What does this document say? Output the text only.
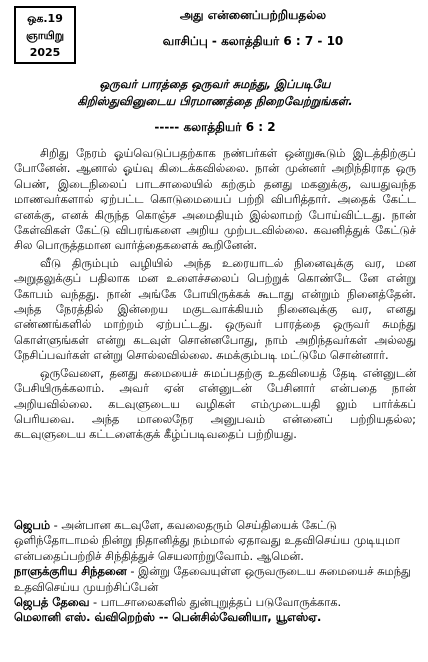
ஒக.19
ஞாயிறு
2025
அது என்னைப்பற்றியதல்ல
வாசிப்பு - கலாத்தியர் 6 : 7 - 10
ஒருவர் பாரத்தை ஒருவர் சுமந்து, இப்படியே
கிறிஸ்துவினுடைய பிரமாணத்தை நிறைவேற்றுங்கள்.
----- கலாத்தியர் 6 : 2

சிறிது நேரம் ஓய்வெடுப்பதற்காக நண்பர்கள் ஒன்றுகூடும் இடத்திற்குப் போனேன். ஆனால் ஓய்வு கிடைக்கவில்லை. நான் முன்னர் அறிந்திராத ஒரு பெண், இடைநிலைப் பாடசாலையில் கற்கும் தனது மகனுக்கு, வயதுவந்த மாணவர்களால் ஏற்பட்ட கொடுமையைப் பற்றி விபரித்தார். அதைக் கேட்ட எனக்கு, எனக் கிருந்த கொஞ்ச அமைதியும் இல்லாமற் போய்விட்டது. நான் கேள்விகள் கேட்டு விபரங்களை அறிய முற்படவில்லை. கவனித்துக் கேட்டுச் சில பொருத்தமான வார்த்தைகளைக் கூறினேன்.

வீடு திரும்பும் வழியில் அந்த உரையாடல் நினைவுக்கு வர, மன அறுதலுக்குப் பதிலாக மன உளைச்சலைப் பெற்றுக் கொண்டே னே என்று கோபம் வந்தது. நான் அங்கே போயிருக்கக் கூடாது என்றும் நினைத்தேன். அந்த நேரத்தில் இன்றைய மகுடவாக்கியம் நினைவுக்கு வர, எனது எண்ணங்களில் மாற்றம் ஏற்பட்டது. ஒருவர் பாரத்தை ஒருவர் சுமந்து கொள்ளுங்கள் என்று கடவுள் சொன்னபோது, நாம் அறிந்தவர்கள் அல்லது நேசிப்பவர்கள் என்று சொல்லவில்லை. சுமக்கும்படி மட்டுமே சொன்னார்.

ஒருவேளை, தனது சுமையைச் சுமப்பதற்கு உதவியைத் தேடி என்னுடன் பேசியிருக்கலாம். அவர் ஏன் என்னுடன் பேசினார் என்பதை நான் அறியவில்லை. கடவுளுடைய வழிகள் எம்முடையதி லும் பார்க்கப் பெரியவை. அந்த மாலைநேர அனுபவம் என்னைப் பற்றியதல்ல; கடவுளுடைய கட்டளைக்குக் கீழ்ப்படிவதைப் பற்றியது.

ஜெபம் - அன்பான கடவுளே, கவலைதரும் செய்தியைக் கேட்டு ஒளிந்தோடாமல் நின்று நிதானித்து நம்மால் ஏதாவது உதவிசெய்ய முடியுமா என்பதைப்பற்றிச் சிந்தித்துச் செயலாற்றுவோம். ஆமென்.

நாளுக்குரிய சிந்தனை - இன்று தேவையுள்ள ஒருவருடைய சுமையைச் சுமந்து உதவிசெய்ய முயற்சிப்பேன்

ஜெபத் தேவை - பாடசாலைகளில் துன்புறுத்தப் படுவோருக்காக.

மெலானி எஸ். வ்விறெற்ஸ் -- பென்சில்வேனியா, யூஎஸ்ஏ.
